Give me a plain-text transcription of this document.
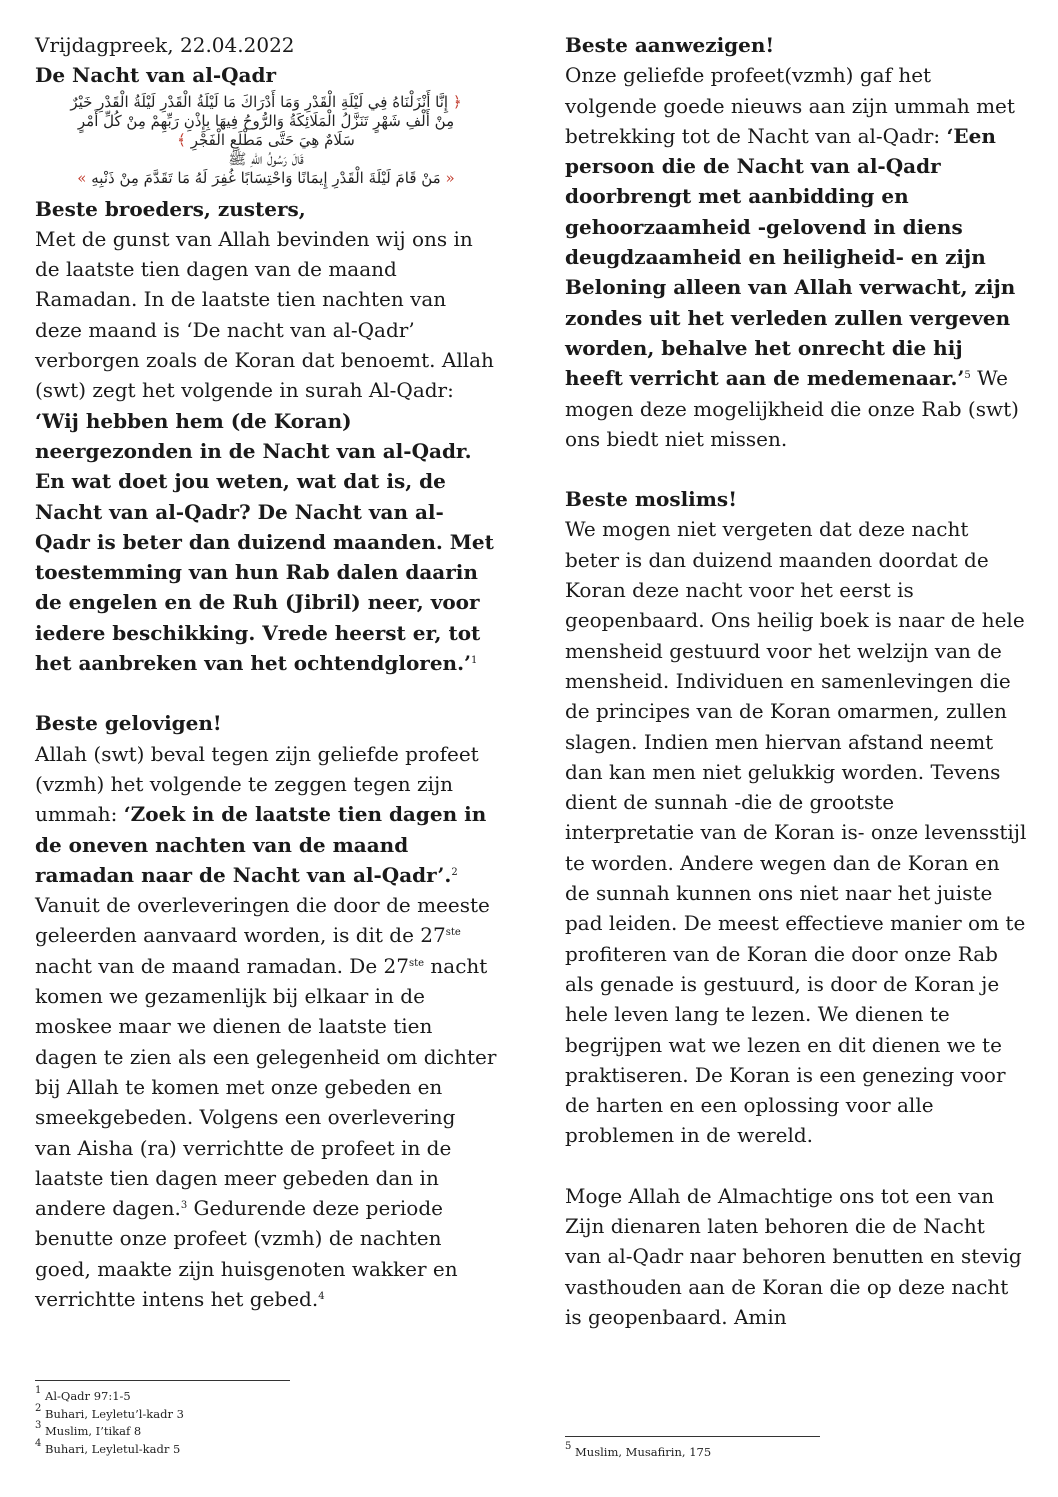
Vrijdagpreek, 22.04.2022

De Nacht van al-Qadr

﴿ إِنَّا أَنْزَلْنَاهُ فِي لَيْلَةِ الْقَدْرِ وَمَا أَدْرَاكَ مَا لَيْلَةُ الْقَدْرِ لَيْلَةُ الْقَدْرِ خَيْرٌ
مِنْ أَلْفِ شَهْرٍ تَنَزَّلُ الْمَلَائِكَةُ وَالرُّوحُ فِيهَا بِإِذْنِ رَبِّهِمْ مِنْ كُلِّ أَمْرٍ
سَلَامٌ هِيَ حَتَّى مَطْلَعِ الْفَجْرِ ﴾
قَالَ رَسُولُ اللّٰهِ ﷺ
« مَنْ قَامَ لَيْلَةَ الْقَدْرِ إِيمَانًا وَاحْتِسَابًا غُفِرَ لَهُ مَا تَقَدَّمَ مِنْ ذَنْبِهِ »

Beste broeders, zusters,

Met de gunst van Allah bevinden wij ons in de laatste tien dagen van de maand Ramadan. In de laatste tien nachten van deze maand is ‘De nacht van al-Qadr’ verborgen zoals de Koran dat benoemt. Allah (swt) zegt het volgende in surah Al-Qadr: ‘Wij hebben hem (de Koran) neergezonden in de Nacht van al-Qadr. En wat doet jou weten, wat dat is, de Nacht van al-Qadr? De Nacht van al-Qadr is beter dan duizend maanden. Met toestemming van hun Rab dalen daarin de engelen en de Ruh (Jibril) neer, voor iedere beschikking. Vrede heerst er, tot het aanbreken van het ochtendgloren.’$^1$

Beste gelovigen!

Allah (swt) beval tegen zijn geliefde profeet (vzmh) het volgende te zeggen tegen zijn ummah: ‘Zoek in de laatste tien dagen in de oneven nachten van de maand ramadan naar de Nacht van al-Qadr’.$^2$ Vanuit de overleveringen die door de meeste geleerden aanvaard worden, is dit de 27ste nacht van de maand ramadan. De 27ste nacht komen we gezamenlijk bij elkaar in de moskee maar we dienen de laatste tien dagen te zien als een gelegenheid om dichter bij Allah te komen met onze gebeden en smeekgebeden. Volgens een overlevering van Aisha (ra) verrichtte de profeet in de laatste tien dagen meer gebeden dan in andere dagen.$^3$ Gedurende deze periode benutte onze profeet (vzmh) de nachten goed, maakte zijn huisgenoten wakker en verrichtte intens het gebed.$^4$

Beste aanwezigen!

Onze geliefde profeet(vzmh) gaf het volgende goede nieuws aan zijn ummah met betrekking tot de Nacht van al-Qadr: ‘Een persoon die de Nacht van al-Qadr doorbrengt met aanbidding en gehoorzaamheid -gelovend in diens deugdzaamheid en heiligheid- en zijn Beloning alleen van Allah verwacht, zijn zondes uit het verleden zullen vergeven worden, behalve het onrecht die hij heeft verricht aan de medemenaar.’$^5$ We mogen deze mogelijkheid die onze Rab (swt) ons biedt niet missen.

Beste moslims!

We mogen niet vergeten dat deze nacht beter is dan duizend maanden doordat de Koran deze nacht voor het eerst is geopenbaard. Ons heilig boek is naar de hele mensheid gestuurd voor het welzijn van de mensheid. Individuen en samenlevingen die de principes van de Koran omarmen, zullen slagen. Indien men hiervan afstand neemt dan kan men niet gelukkig worden. Tevens dient de sunnah -die de grootste interpretatie van de Koran is- onze levensstijl te worden. Andere wegen dan de Koran en de sunnah kunnen ons niet naar het juiste pad leiden. De meest effectieve manier om te profiteren van de Koran die door onze Rab als genade is gestuurd, is door de Koran je hele leven lang te lezen. We dienen te begrijpen wat we lezen en dit dienen we te praktiseren. De Koran is een genezing voor de harten en een oplossing voor alle problemen in de wereld.

Moge Allah de Almachtige ons tot een van Zijn dienaren laten behoren die de Nacht van al-Qadr naar behoren benutten en stevig vasthouden aan de Koran die op deze nacht is geopenbaard. Amin

$^1$ Al-Qadr 97:1-5
$^2$ Buhari, Leyletu’l-kadr 3
$^3$ Muslim, I’tikaf 8
$^4$ Buhari, Leyletul-kadr 5	$^5$ Muslim, Musafirin, 175
